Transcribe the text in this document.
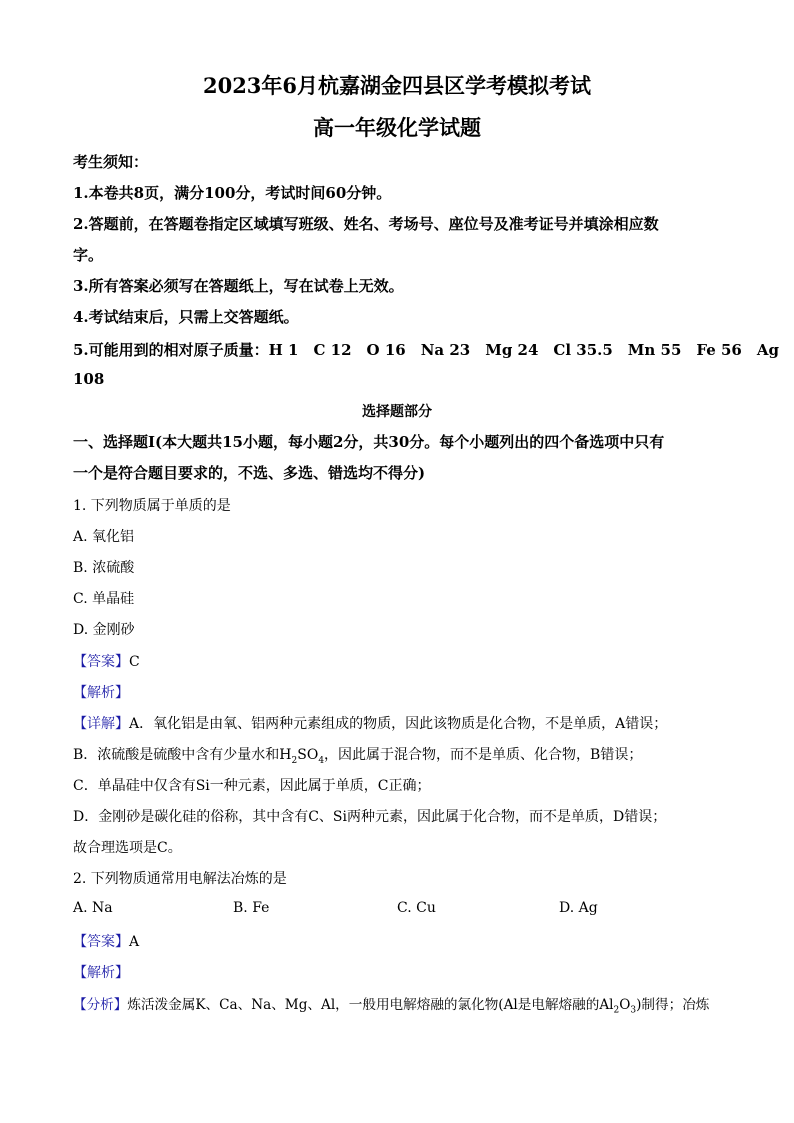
2023年6月杭嘉湖金四县区学考模拟考试
高一年级化学试题
考生须知：
1.本卷共8页，满分100分，考试时间60分钟。
2.答题前，在答题卷指定区域填写班级、姓名、考场号、座位号及准考证号并填涂相应数
字。
3.所有答案必须写在答题纸上，写在试卷上无效。
4.考试结束后，只需上交答题纸。
5.可能用到的相对原子质量：H 1　C 12　O 16　Na 23　Mg 24　Cl 35.5　Mn 55　Fe 56　Ag
108
选择题部分
一、选择题I(本大题共15小题，每小题2分，共30分。每个小题列出的四个备选项中只有
一个是符合题目要求的，不选、多选、错选均不得分)
1. 下列物质属于单质的是
A. 氧化铝
B. 浓硫酸
C. 单晶硅
D. 金刚砂
【答案】C
【解析】
【详解】A．氧化铝是由氧、铝两种元素组成的物质，因此该物质是化合物，不是单质，A错误；
B．浓硫酸是硫酸中含有少量水和$H_2SO_4$，因此属于混合物，而不是单质、化合物，B错误；
C．单晶硅中仅含有Si一种元素，因此属于单质，C正确；
D．金刚砂是碳化硅的俗称，其中含有C、Si两种元素，因此属于化合物，而不是单质，D错误；
故合理选项是C。
2. 下列物质通常用电解法冶炼的是
A. Na	B. Fe	C. Cu	D. Ag
【答案】A
【解析】
【分析】炼活泼金属K、Ca、Na、Mg、Al，一般用电解熔融的氯化物(Al是电解熔融的$Al_2O_3$)制得；冶炼
